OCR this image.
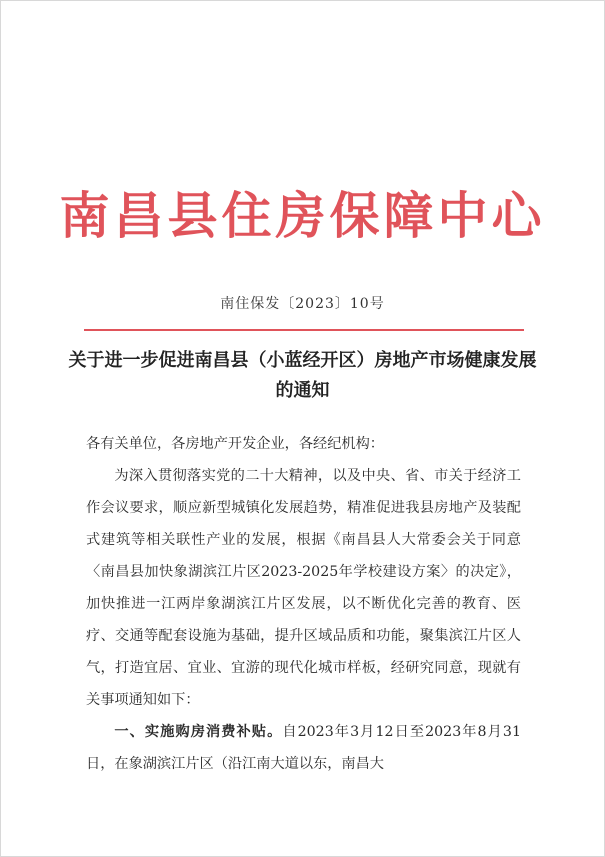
南昌县住房保障中心
南住保发〔2023〕10号
关于进一步促进南昌县（小蓝经开区）房地产市场健康发展的通知
各有关单位，各房地产开发企业，各经纪机构：
为深入贯彻落实党的二十大精神，以及中央、省、市关于经济工作会议要求，顺应新型城镇化发展趋势，精准促进我县房地产及装配式建筑等相关联性产业的发展，根据《南昌县人大常委会关于同意〈南昌县加快象湖滨江片区2023-2025年学校建设方案〉的决定》，加快推进一江两岸象湖滨江片区发展，以不断优化完善的教育、医疗、交通等配套设施为基础，提升区域品质和功能，聚集滨江片区人气，打造宜居、宜业、宜游的现代化城市样板，经研究同意，现就有关事项通知如下：
一、实施购房消费补贴。自2023年3月12日至2023年8月31日，在象湖滨江片区（沿江南大道以东，南昌大
